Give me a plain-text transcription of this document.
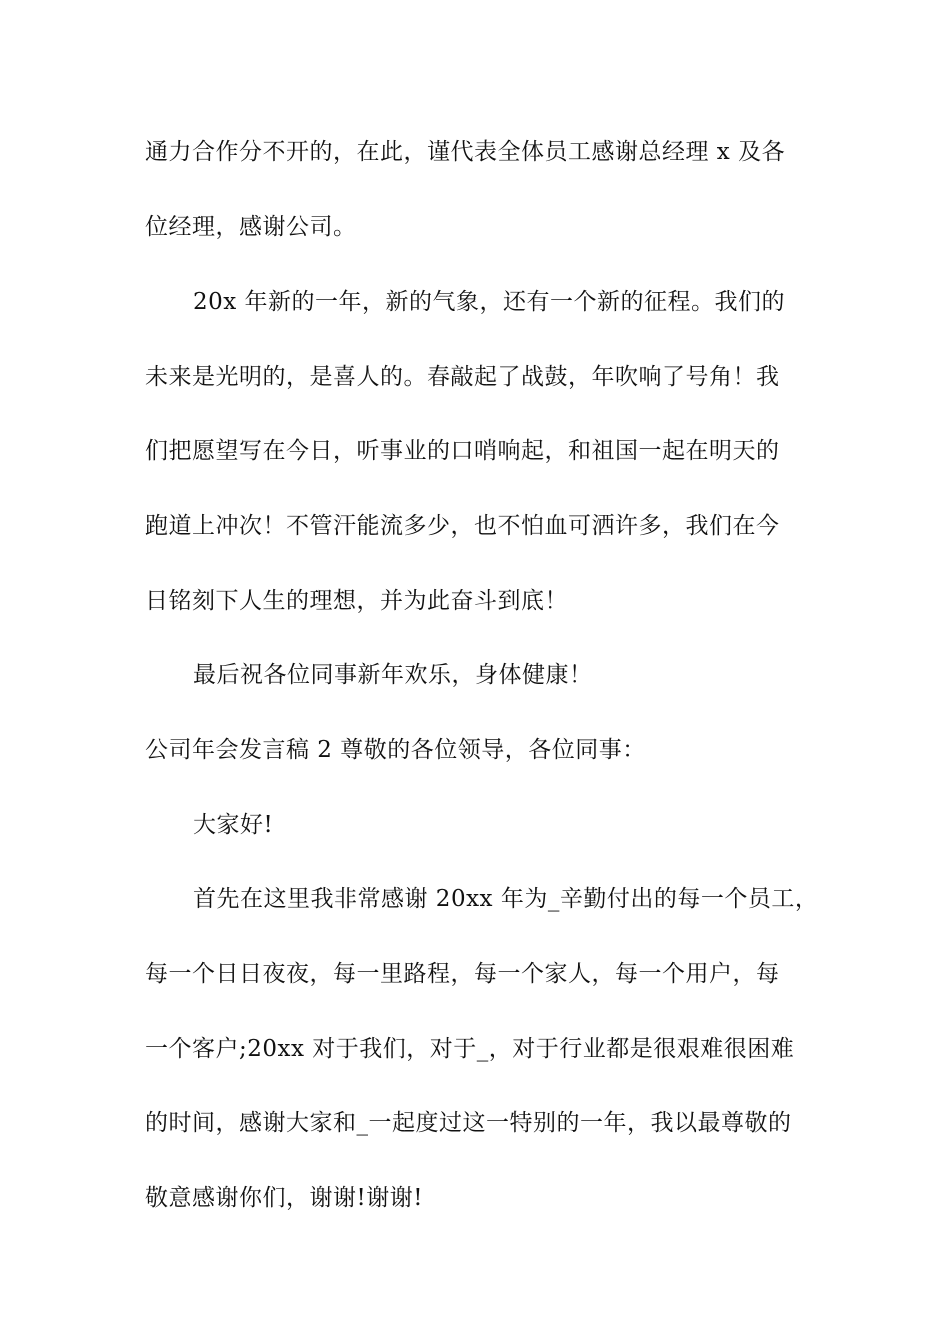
通力合作分不开的，在此，谨代表全体员工感谢总经理 x 及各
位经理，感谢公司。
20x 年新的一年，新的气象，还有一个新的征程。我们的
未来是光明的，是喜人的。春敲起了战鼓，年吹响了号角！我
们把愿望写在今日，听事业的口哨响起，和祖国一起在明天的
跑道上冲次！不管汗能流多少，也不怕血可洒许多，我们在今
日铭刻下人生的理想，并为此奋斗到底！
最后祝各位同事新年欢乐，身体健康！
公司年会发言稿 2 尊敬的各位领导，各位同事：
大家好!
首先在这里我非常感谢 20xx 年为_辛勤付出的每一个员工，
每一个日日夜夜，每一里路程，每一个家人，每一个用户，每
一个客户;20xx 对于我们，对于_，对于行业都是很艰难很困难
的时间，感谢大家和_一起度过这一特别的一年，我以最尊敬的
敬意感谢你们，谢谢!谢谢!
